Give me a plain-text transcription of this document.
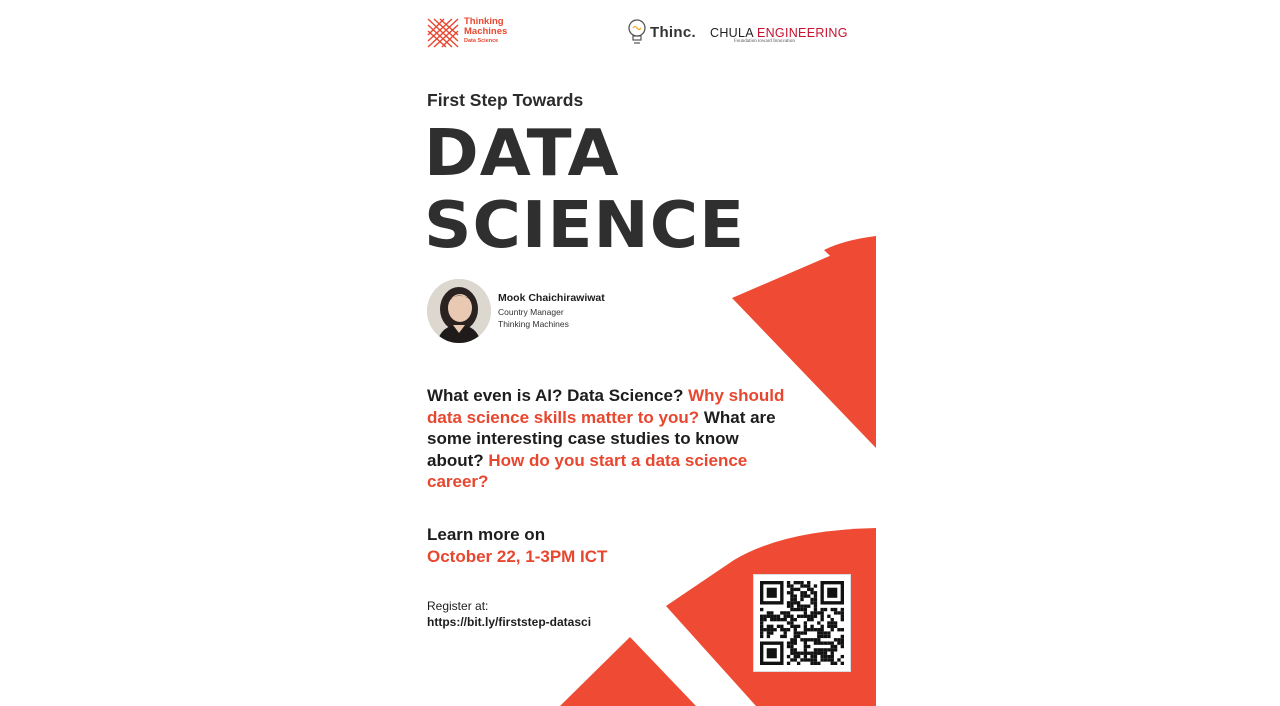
Thinking
Machines
Data Science	Thinc. CHULA ENGINEERING
Foundation toward Innovation
First Step Towards
DATA
SCIENCE
Mook Chaichirawiwat
Country Manager
Thinking Machines
What even is AI? Data Science? Why should data science skills matter to you? What are some interesting case studies to know about? How do you start a data science career?
Learn more on
October 22, 1-3PM ICT
Register at:
https://bit.ly/firststep-datasci
